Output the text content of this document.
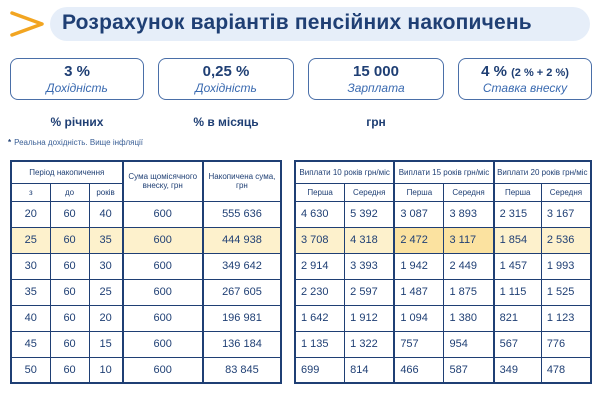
Розрахунок варіантів пенсійних накопичень
3 %
Дохідність
% річних
0,25 %
Дохідність
% в місяць
15 000
Зарплата
грн
4 % (2 % + 2 %)
Ставка внеску
* Реальна дохідність. Вище інфляції
Період накопичення			Сума щомісячного внеску, грн	Накопичена сума, грн
з	до	років		
20	60	40	600	555 636
25	60	35	600	444 938
30	60	30	600	349 642
35	60	25	600	267 605
40	60	20	600	196 981
45	60	15	600	136 184
50	60	10	600	83 845
Виплати 10 років грн/міс		Виплати 15 років грн/міс		Виплати 20 років грн/міс	
Перша	Середня	Перша	Середня	Перша	Середня
4 630	5 392	3 087	3 893	2 315	3 167
3 708	4 318	2 472	3 117	1 854	2 536
2 914	3 393	1 942	2 449	1 457	1 993
2 230	2 597	1 487	1 875	1 115	1 525
1 642	1 912	1 094	1 380	821	1 123
1 135	1 322	757	954	567	776
699	814	466	587	349	478
